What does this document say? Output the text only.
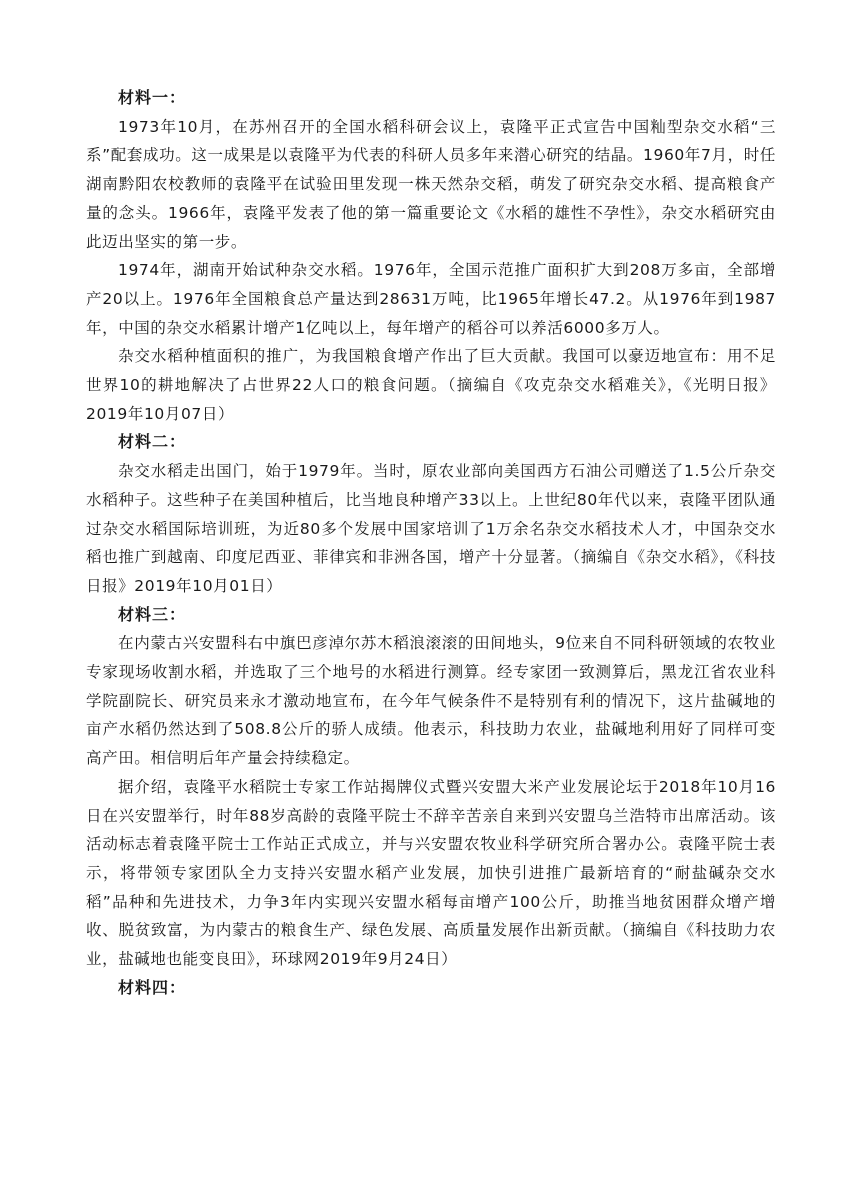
材料一：

1973年10月，在苏州召开的全国水稻科研会议上，袁隆平正式宣告中国籼型杂交水稻“三系”配套成功。这一成果是以袁隆平为代表的科研人员多年来潜心研究的结晶。1960年7月，时任湖南黔阳农校教师的袁隆平在试验田里发现一株天然杂交稻，萌发了研究杂交水稻、提高粮食产量的念头。1966年，袁隆平发表了他的第一篇重要论文《水稻的雄性不孕性》，杂交水稻研究由此迈出坚实的第一步。

1974年，湖南开始试种杂交水稻。1976年，全国示范推广面积扩大到208万多亩，全部增产20以上。1976年全国粮食总产量达到28631万吨，比1965年增长47.2。从1976年到1987年，中国的杂交水稻累计增产1亿吨以上，每年增产的稻谷可以养活6000多万人。

杂交水稻种植面积的推广，为我国粮食增产作出了巨大贡献。我国可以豪迈地宣布：用不足世界10的耕地解决了占世界22人口的粮食问题。（摘编自《攻克杂交水稻难关》，《光明日报》2019年10月07日）

材料二：

杂交水稻走出国门，始于1979年。当时，原农业部向美国西方石油公司赠送了1.5公斤杂交水稻种子。这些种子在美国种植后，比当地良种增产33以上。上世纪80年代以来，袁隆平团队通过杂交水稻国际培训班，为近80多个发展中国家培训了1万余名杂交水稻技术人才，中国杂交水稻也推广到越南、印度尼西亚、菲律宾和非洲各国，增产十分显著。（摘编自《杂交水稻》，《科技日报》2019年10月01日）

材料三：

在内蒙古兴安盟科右中旗巴彦淖尔苏木稻浪滚滚的田间地头，9位来自不同科研领域的农牧业专家现场收割水稻，并选取了三个地号的水稻进行测算。经专家团一致测算后，黑龙江省农业科学院副院长、研究员来永才激动地宣布，在今年气候条件不是特别有利的情况下，这片盐碱地的亩产水稻仍然达到了508.8公斤的骄人成绩。他表示，科技助力农业，盐碱地利用好了同样可变高产田。相信明后年产量会持续稳定。

据介绍，袁隆平水稻院士专家工作站揭牌仪式暨兴安盟大米产业发展论坛于2018年10月16日在兴安盟举行，时年88岁高龄的袁隆平院士不辞辛苦亲自来到兴安盟乌兰浩特市出席活动。该活动标志着袁隆平院士工作站正式成立，并与兴安盟农牧业科学研究所合署办公。袁隆平院士表示，将带领专家团队全力支持兴安盟水稻产业发展，加快引进推广最新培育的“耐盐碱杂交水稻”品种和先进技术，力争3年内实现兴安盟水稻每亩增产100公斤，助推当地贫困群众增产增收、脱贫致富，为内蒙古的粮食生产、绿色发展、高质量发展作出新贡献。（摘编自《科技助力农业，盐碱地也能变良田》，环球网2019年9月24日）

材料四：
